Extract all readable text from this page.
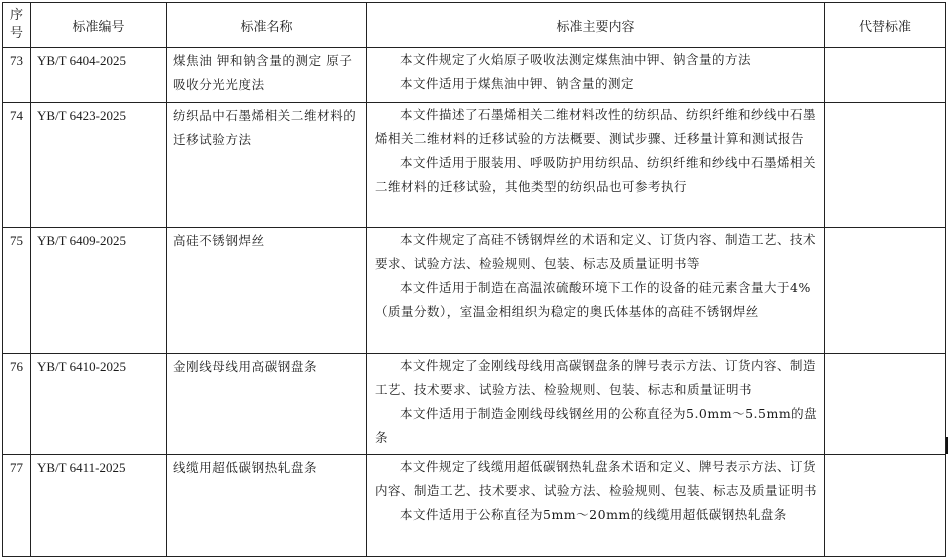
序
号	标准编号	标准名称	标准主要内容	代替标准
73	YB/T 6404-2025	煤焦油 钾和钠含量的测定 原子吸收分光光度法	本文件规定了火焰原子吸收法测定煤焦油中钾、钠含量的方法

本文件适用于煤焦油中钾、钠含量的测定	

74	YB/T 6423-2025	纺织品中石墨烯相关二维材料的迁移试验方法	本文件描述了石墨烯相关二维材料改性的纺织品、纺织纤维和纱线中石墨烯相关二维材料的迁移试验的方法概要、测试步骤、迁移量计算和测试报告

本文件适用于服装用、呼吸防护用纺织品、纺织纤维和纱线中石墨烯相关二维材料的迁移试验，其他类型的纺织品也可参考执行	

75	YB/T 6409-2025	高硅不锈钢焊丝	本文件规定了高硅不锈钢焊丝的术语和定义、订货内容、制造工艺、技术要求、试验方法、检验规则、包装、标志及质量证明书等

本文件适用于制造在高温浓硫酸环境下工作的设备的硅元素含量大于4%（质量分数），室温金相组织为稳定的奥氏体基体的高硅不锈钢焊丝	

76	YB/T 6410-2025	金刚线母线用高碳钢盘条	本文件规定了金刚线母线用高碳钢盘条的牌号表示方法、订货内容、制造工艺、技术要求、试验方法、检验规则、包装、标志和质量证明书

本文件适用于制造金刚线母线钢丝用的公称直径为5.0mm～5.5mm的盘条	

77	YB/T 6411-2025	线缆用超低碳钢热轧盘条	本文件规定了线缆用超低碳钢热轧盘条术语和定义、牌号表示方法、订货内容、制造工艺、技术要求、试验方法、检验规则、包装、标志及质量证明书

本文件适用于公称直径为5mm～20mm的线缆用超低碳钢热轧盘条	
